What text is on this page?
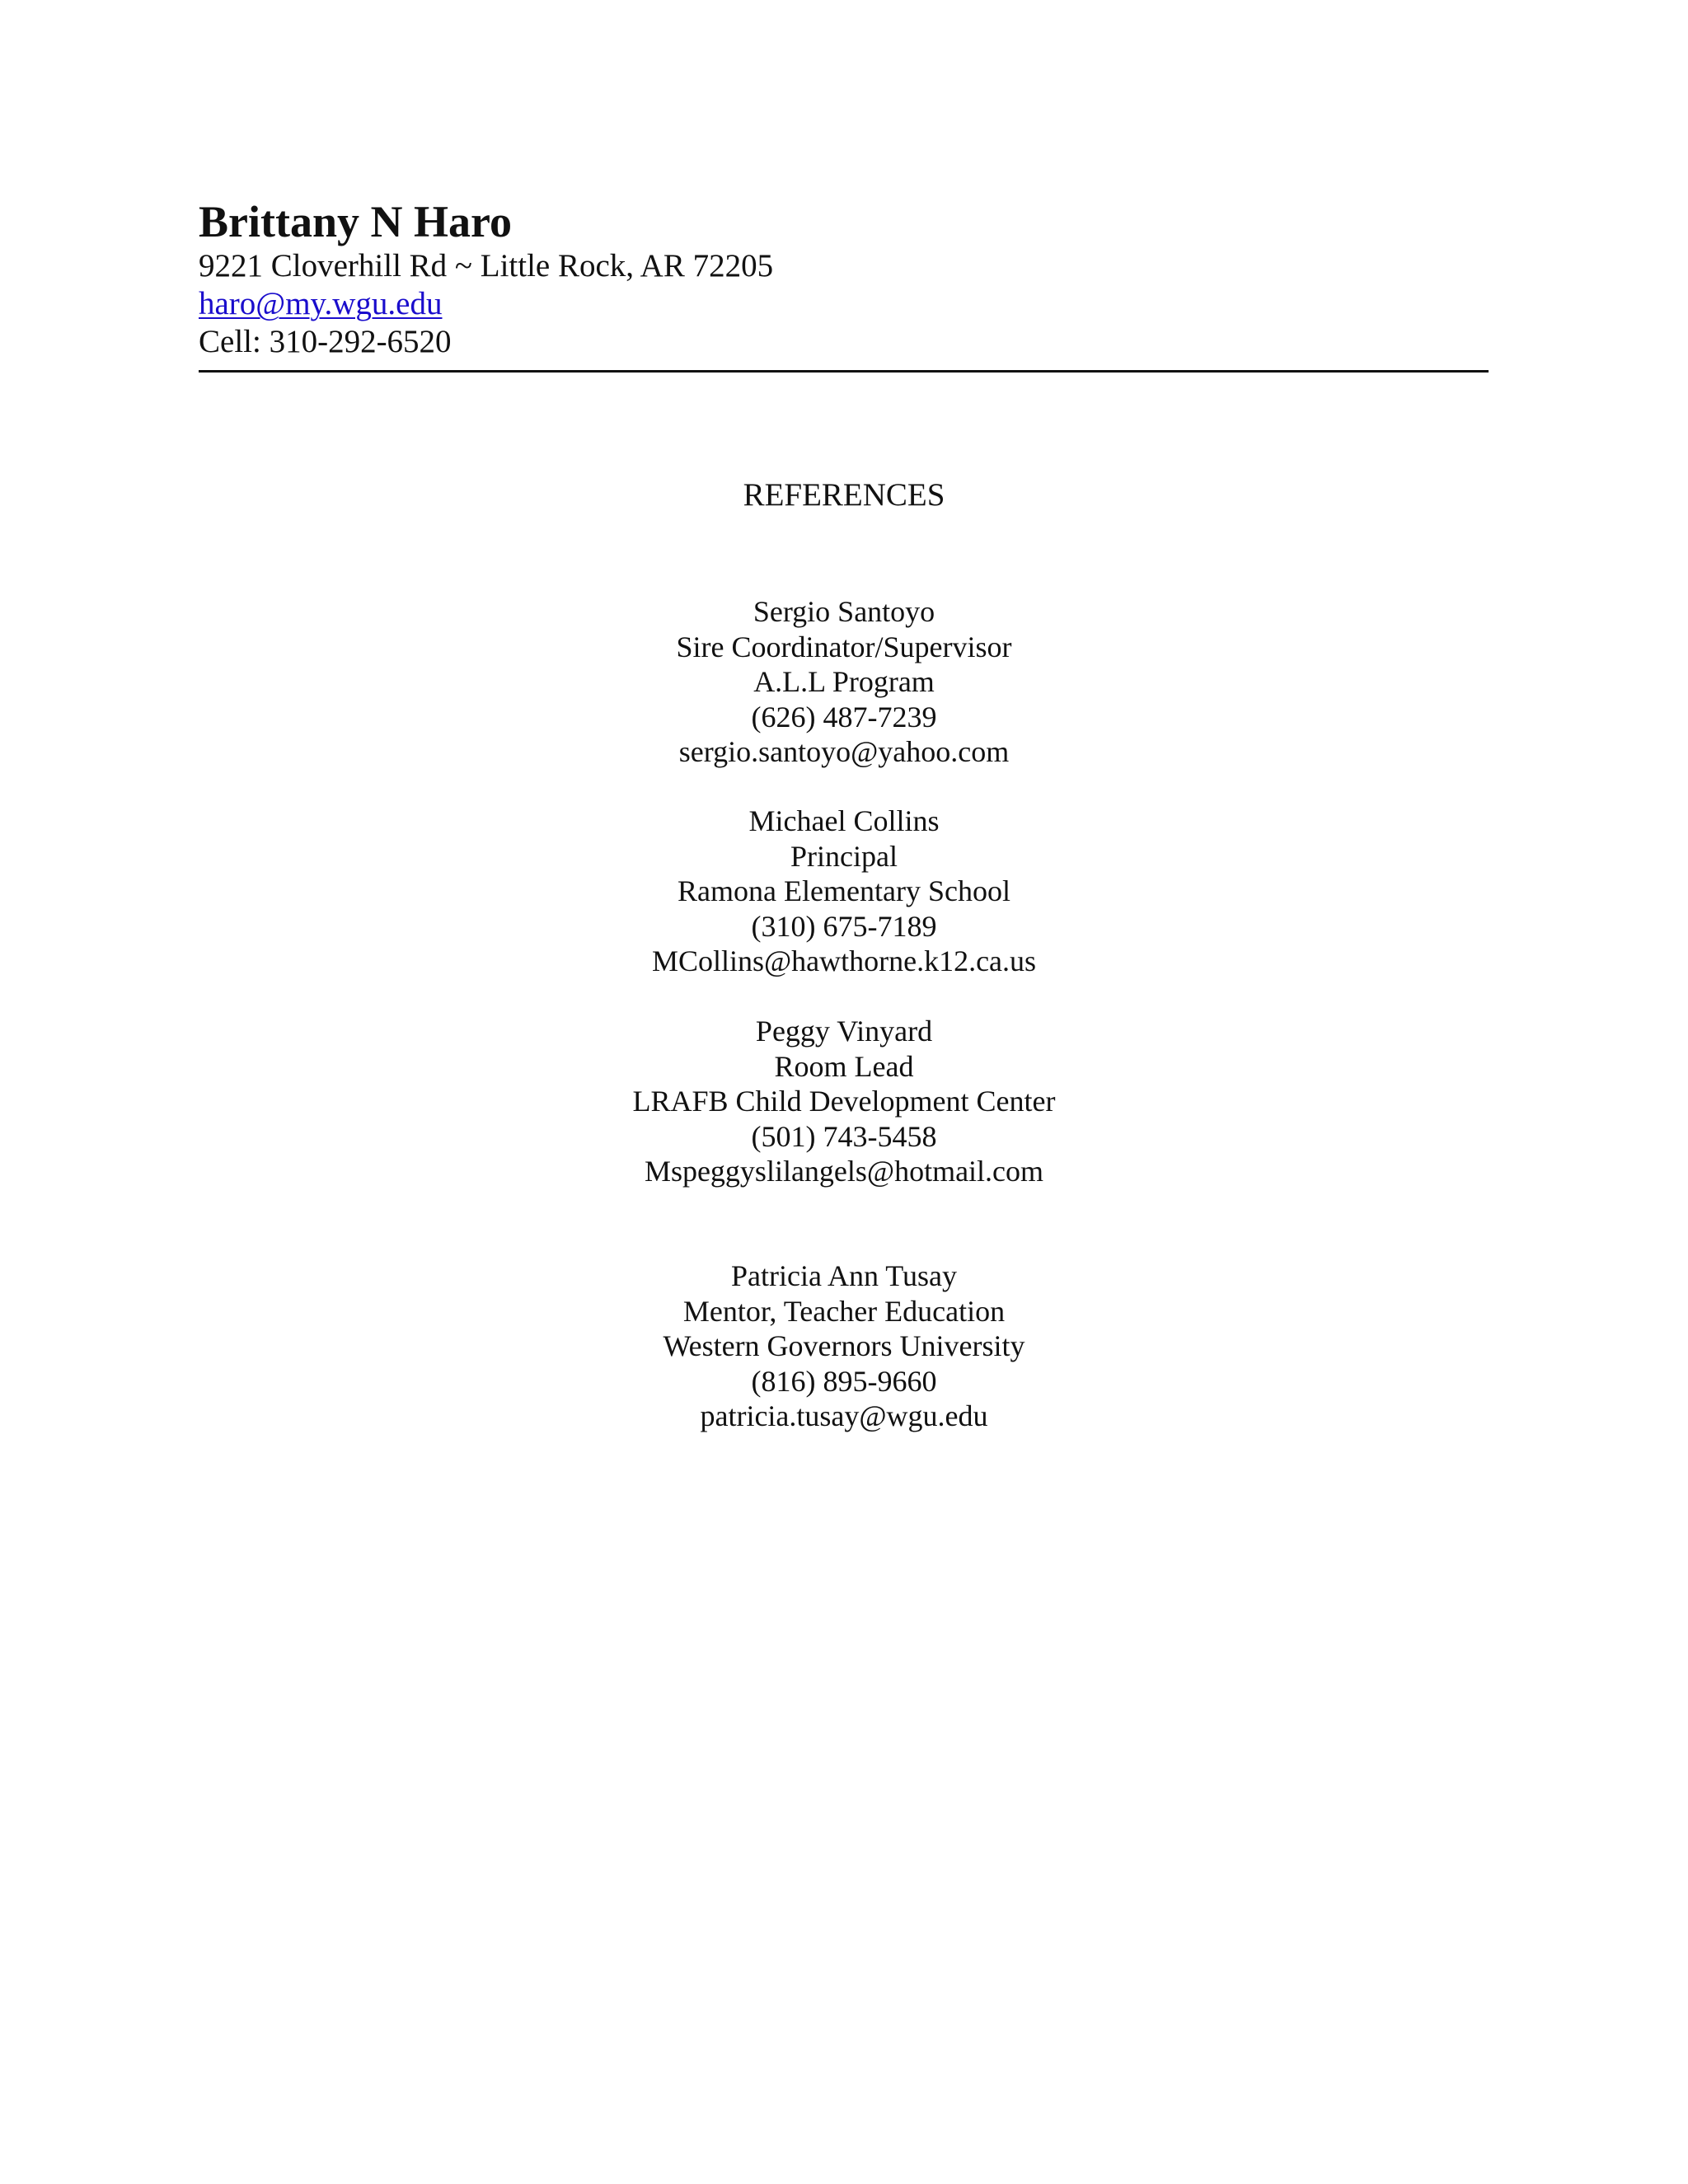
Brittany N Haro

9221 Cloverhill Rd ~ Little Rock, AR 72205

haro@my.wgu.edu

Cell: 310-292-6520

REFERENCES

Sergio Santoyo

Sire Coordinator/Supervisor

A.L.L Program

(626) 487-7239

sergio.santoyo@yahoo.com

Michael Collins

Principal

Ramona Elementary School

(310) 675-7189

MCollins@hawthorne.k12.ca.us

Peggy Vinyard

Room Lead

LRAFB Child Development Center

(501) 743-5458

Mspeggyslilangels@hotmail.com

Patricia Ann Tusay

Mentor, Teacher Education

Western Governors University

(816) 895-9660

patricia.tusay@wgu.edu
